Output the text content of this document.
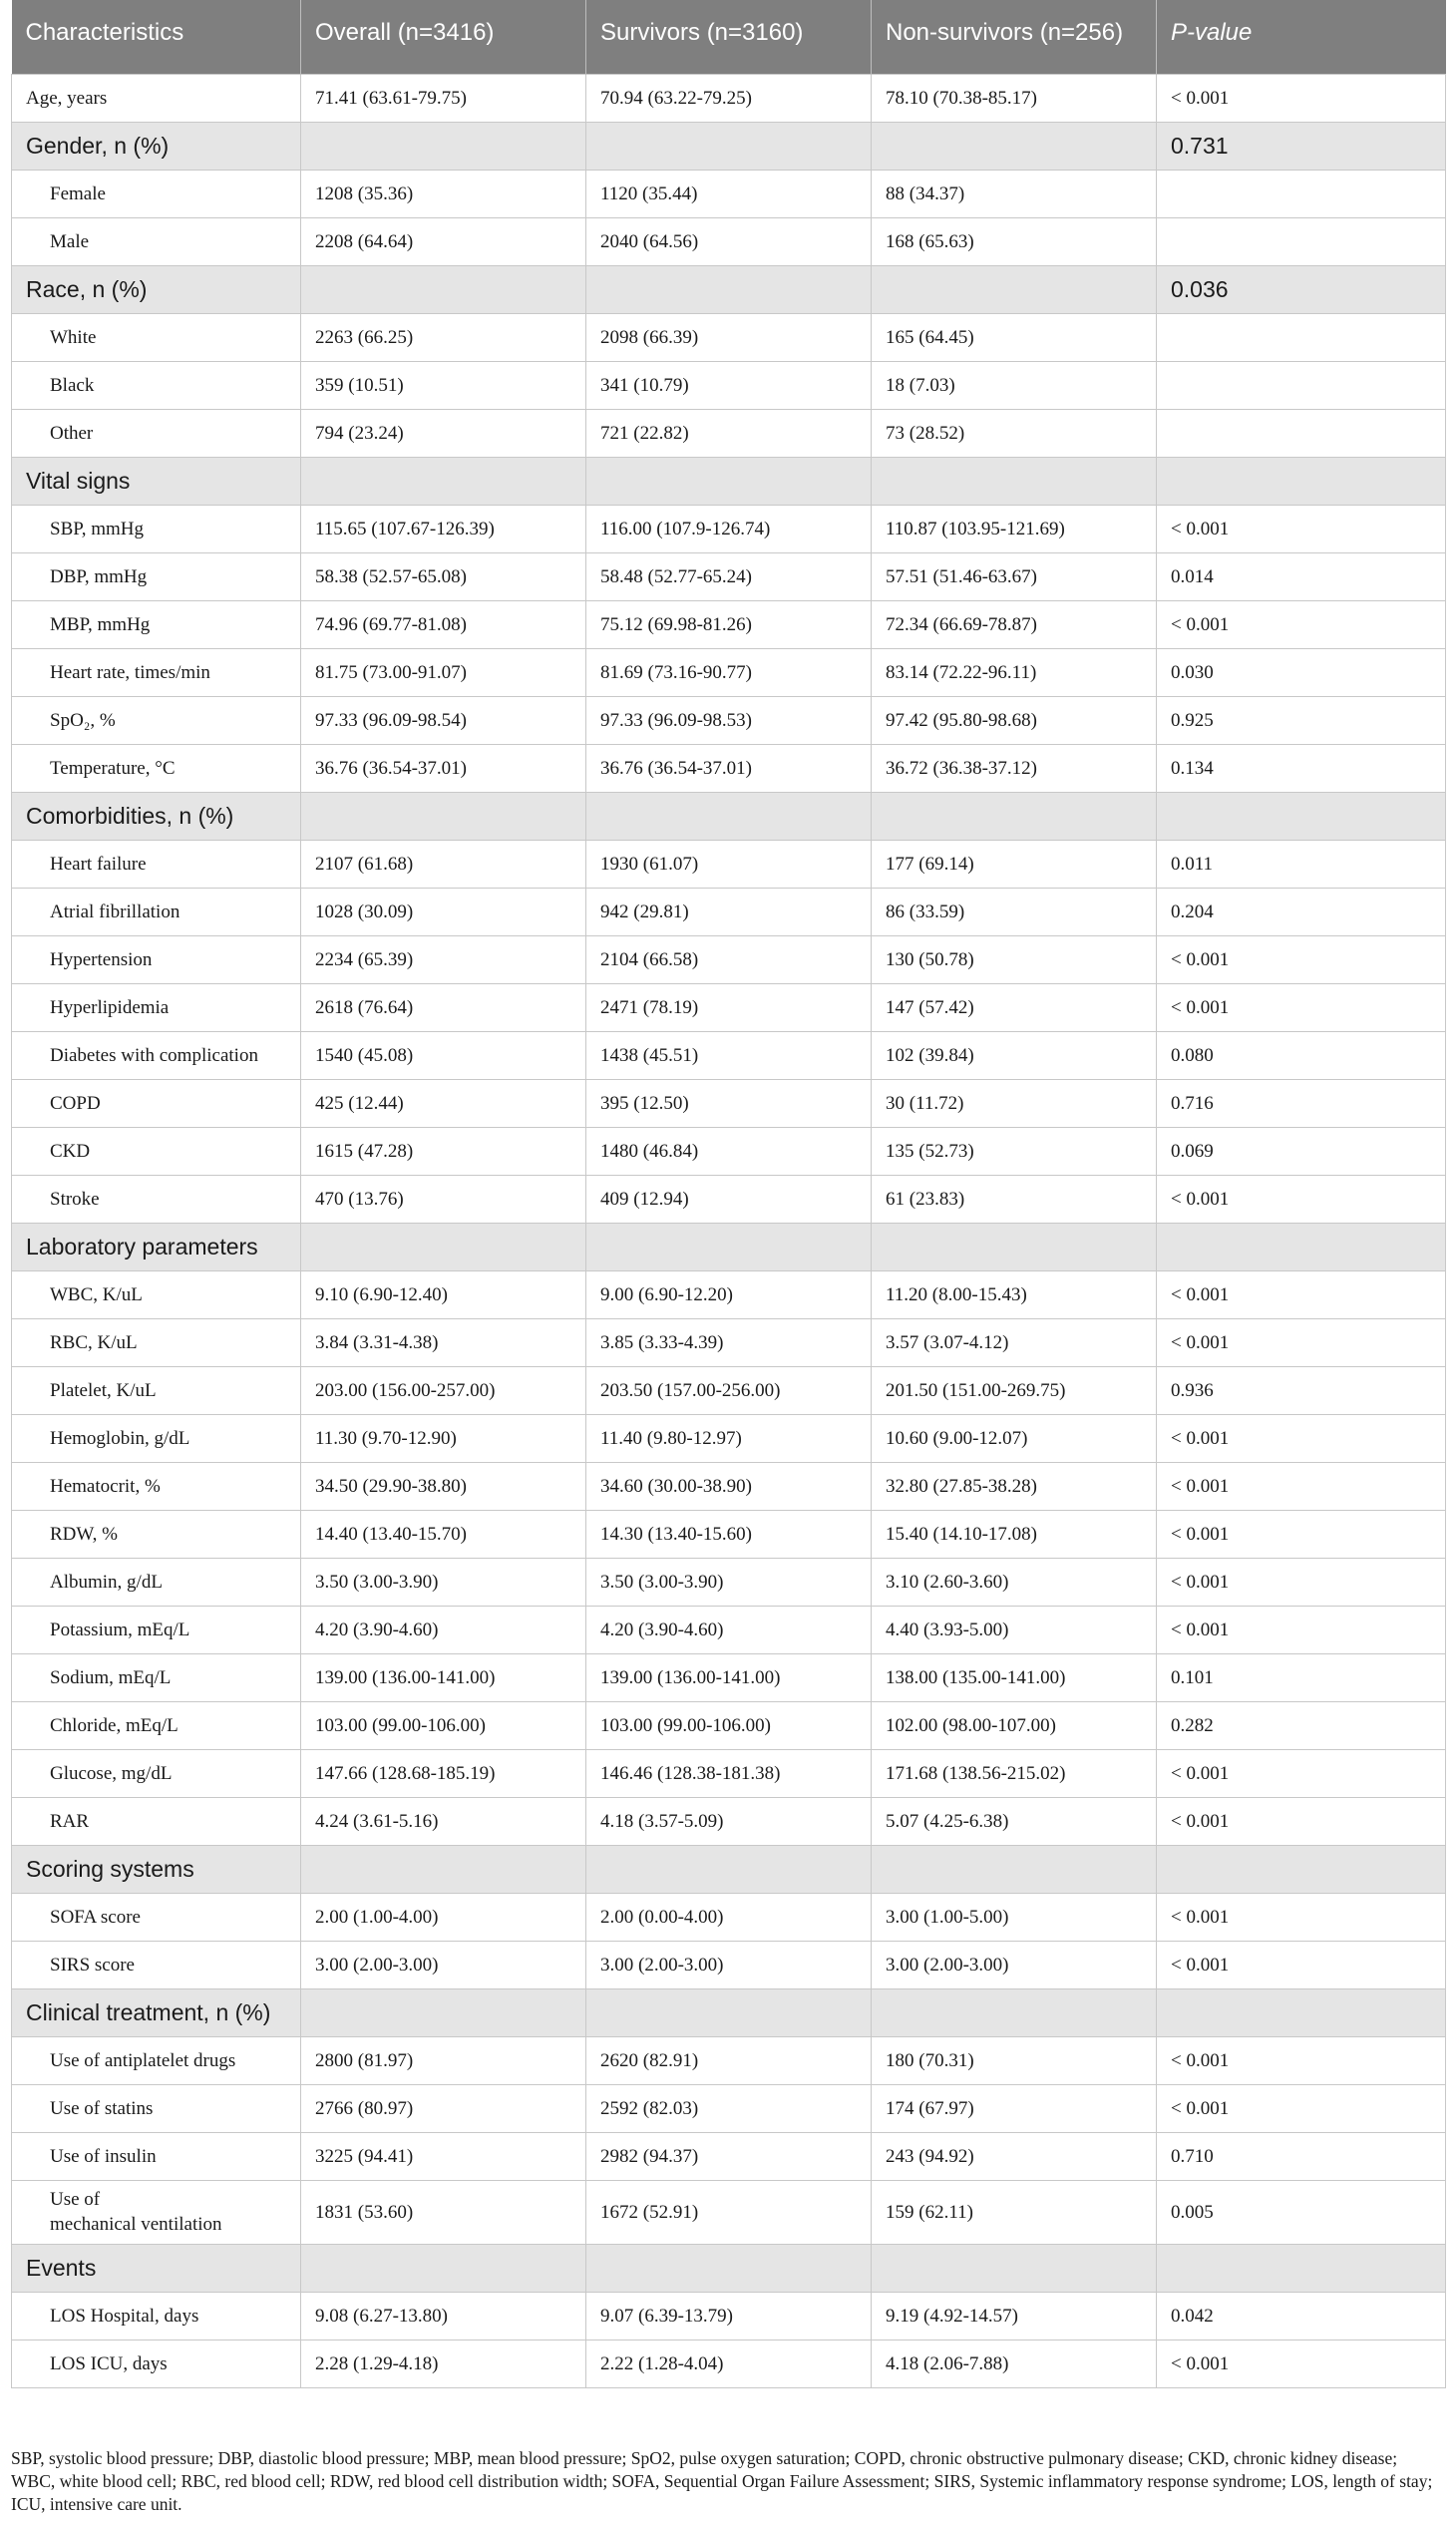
Characteristics	Overall (n=3416)	Survivors (n=3160)	Non-survivors (n=256)	P-value
Age, years	71.41 (63.61-79.75)	70.94 (63.22-79.25)	78.10 (70.38-85.17)	< 0.001
Gender, n (%)				0.731
Female	1208 (35.36)	1120 (35.44)	88 (34.37)	
Male	2208 (64.64)	2040 (64.56)	168 (65.63)	
Race, n (%)				0.036
White	2263 (66.25)	2098 (66.39)	165 (64.45)	
Black	359 (10.51)	341 (10.79)	18 (7.03)	
Other	794 (23.24)	721 (22.82)	73 (28.52)	
Vital signs				
SBP, mmHg	115.65 (107.67-126.39)	116.00 (107.9-126.74)	110.87 (103.95-121.69)	< 0.001
DBP, mmHg	58.38 (52.57-65.08)	58.48 (52.77-65.24)	57.51 (51.46-63.67)	0.014
MBP, mmHg	74.96 (69.77-81.08)	75.12 (69.98-81.26)	72.34 (66.69-78.87)	< 0.001
Heart rate, times/min	81.75 (73.00-91.07)	81.69 (73.16-90.77)	83.14 (72.22-96.11)	0.030
SpO₂, %	97.33 (96.09-98.54)	97.33 (96.09-98.53)	97.42 (95.80-98.68)	0.925
Temperature, °C	36.76 (36.54-37.01)	36.76 (36.54-37.01)	36.72 (36.38-37.12)	0.134
Comorbidities, n (%)				
Heart failure	2107 (61.68)	1930 (61.07)	177 (69.14)	0.011
Atrial fibrillation	1028 (30.09)	942 (29.81)	86 (33.59)	0.204
Hypertension	2234 (65.39)	2104 (66.58)	130 (50.78)	< 0.001
Hyperlipidemia	2618 (76.64)	2471 (78.19)	147 (57.42)	< 0.001
Diabetes with complication	1540 (45.08)	1438 (45.51)	102 (39.84)	0.080
COPD	425 (12.44)	395 (12.50)	30 (11.72)	0.716
CKD	1615 (47.28)	1480 (46.84)	135 (52.73)	0.069
Stroke	470 (13.76)	409 (12.94)	61 (23.83)	< 0.001
Laboratory parameters				
WBC, K/uL	9.10 (6.90-12.40)	9.00 (6.90-12.20)	11.20 (8.00-15.43)	< 0.001
RBC, K/uL	3.84 (3.31-4.38)	3.85 (3.33-4.39)	3.57 (3.07-4.12)	< 0.001
Platelet, K/uL	203.00 (156.00-257.00)	203.50 (157.00-256.00)	201.50 (151.00-269.75)	0.936
Hemoglobin, g/dL	11.30 (9.70-12.90)	11.40 (9.80-12.97)	10.60 (9.00-12.07)	< 0.001
Hematocrit, %	34.50 (29.90-38.80)	34.60 (30.00-38.90)	32.80 (27.85-38.28)	< 0.001
RDW, %	14.40 (13.40-15.70)	14.30 (13.40-15.60)	15.40 (14.10-17.08)	< 0.001
Albumin, g/dL	3.50 (3.00-3.90)	3.50 (3.00-3.90)	3.10 (2.60-3.60)	< 0.001
Potassium, mEq/L	4.20 (3.90-4.60)	4.20 (3.90-4.60)	4.40 (3.93-5.00)	< 0.001
Sodium, mEq/L	139.00 (136.00-141.00)	139.00 (136.00-141.00)	138.00 (135.00-141.00)	0.101
Chloride, mEq/L	103.00 (99.00-106.00)	103.00 (99.00-106.00)	102.00 (98.00-107.00)	0.282
Glucose, mg/dL	147.66 (128.68-185.19)	146.46 (128.38-181.38)	171.68 (138.56-215.02)	< 0.001
RAR	4.24 (3.61-5.16)	4.18 (3.57-5.09)	5.07 (4.25-6.38)	< 0.001
Scoring systems				
SOFA score	2.00 (1.00-4.00)	2.00 (0.00-4.00)	3.00 (1.00-5.00)	< 0.001
SIRS score	3.00 (2.00-3.00)	3.00 (2.00-3.00)	3.00 (2.00-3.00)	< 0.001
Clinical treatment, n (%)				
Use of antiplatelet drugs	2800 (81.97)	2620 (82.91)	180 (70.31)	< 0.001
Use of statins	2766 (80.97)	2592 (82.03)	174 (67.97)	< 0.001
Use of insulin	3225 (94.41)	2982 (94.37)	243 (94.92)	0.710
Use of
mechanical ventilation	1831 (53.60)	1672 (52.91)	159 (62.11)	0.005
Events				
LOS Hospital, days	9.08 (6.27-13.80)	9.07 (6.39-13.79)	9.19 (4.92-14.57)	0.042
LOS ICU, days	2.28 (1.29-4.18)	2.22 (1.28-4.04)	4.18 (2.06-7.88)	< 0.001
SBP, systolic blood pressure; DBP, diastolic blood pressure; MBP, mean blood pressure; SpO2, pulse oxygen saturation; COPD, chronic obstructive pulmonary disease; CKD, chronic kidney disease; WBC, white blood cell; RBC, red blood cell; RDW, red blood cell distribution width; SOFA, Sequential Organ Failure Assessment; SIRS, Systemic inflammatory response syndrome; LOS, length of stay; ICU, intensive care unit.
